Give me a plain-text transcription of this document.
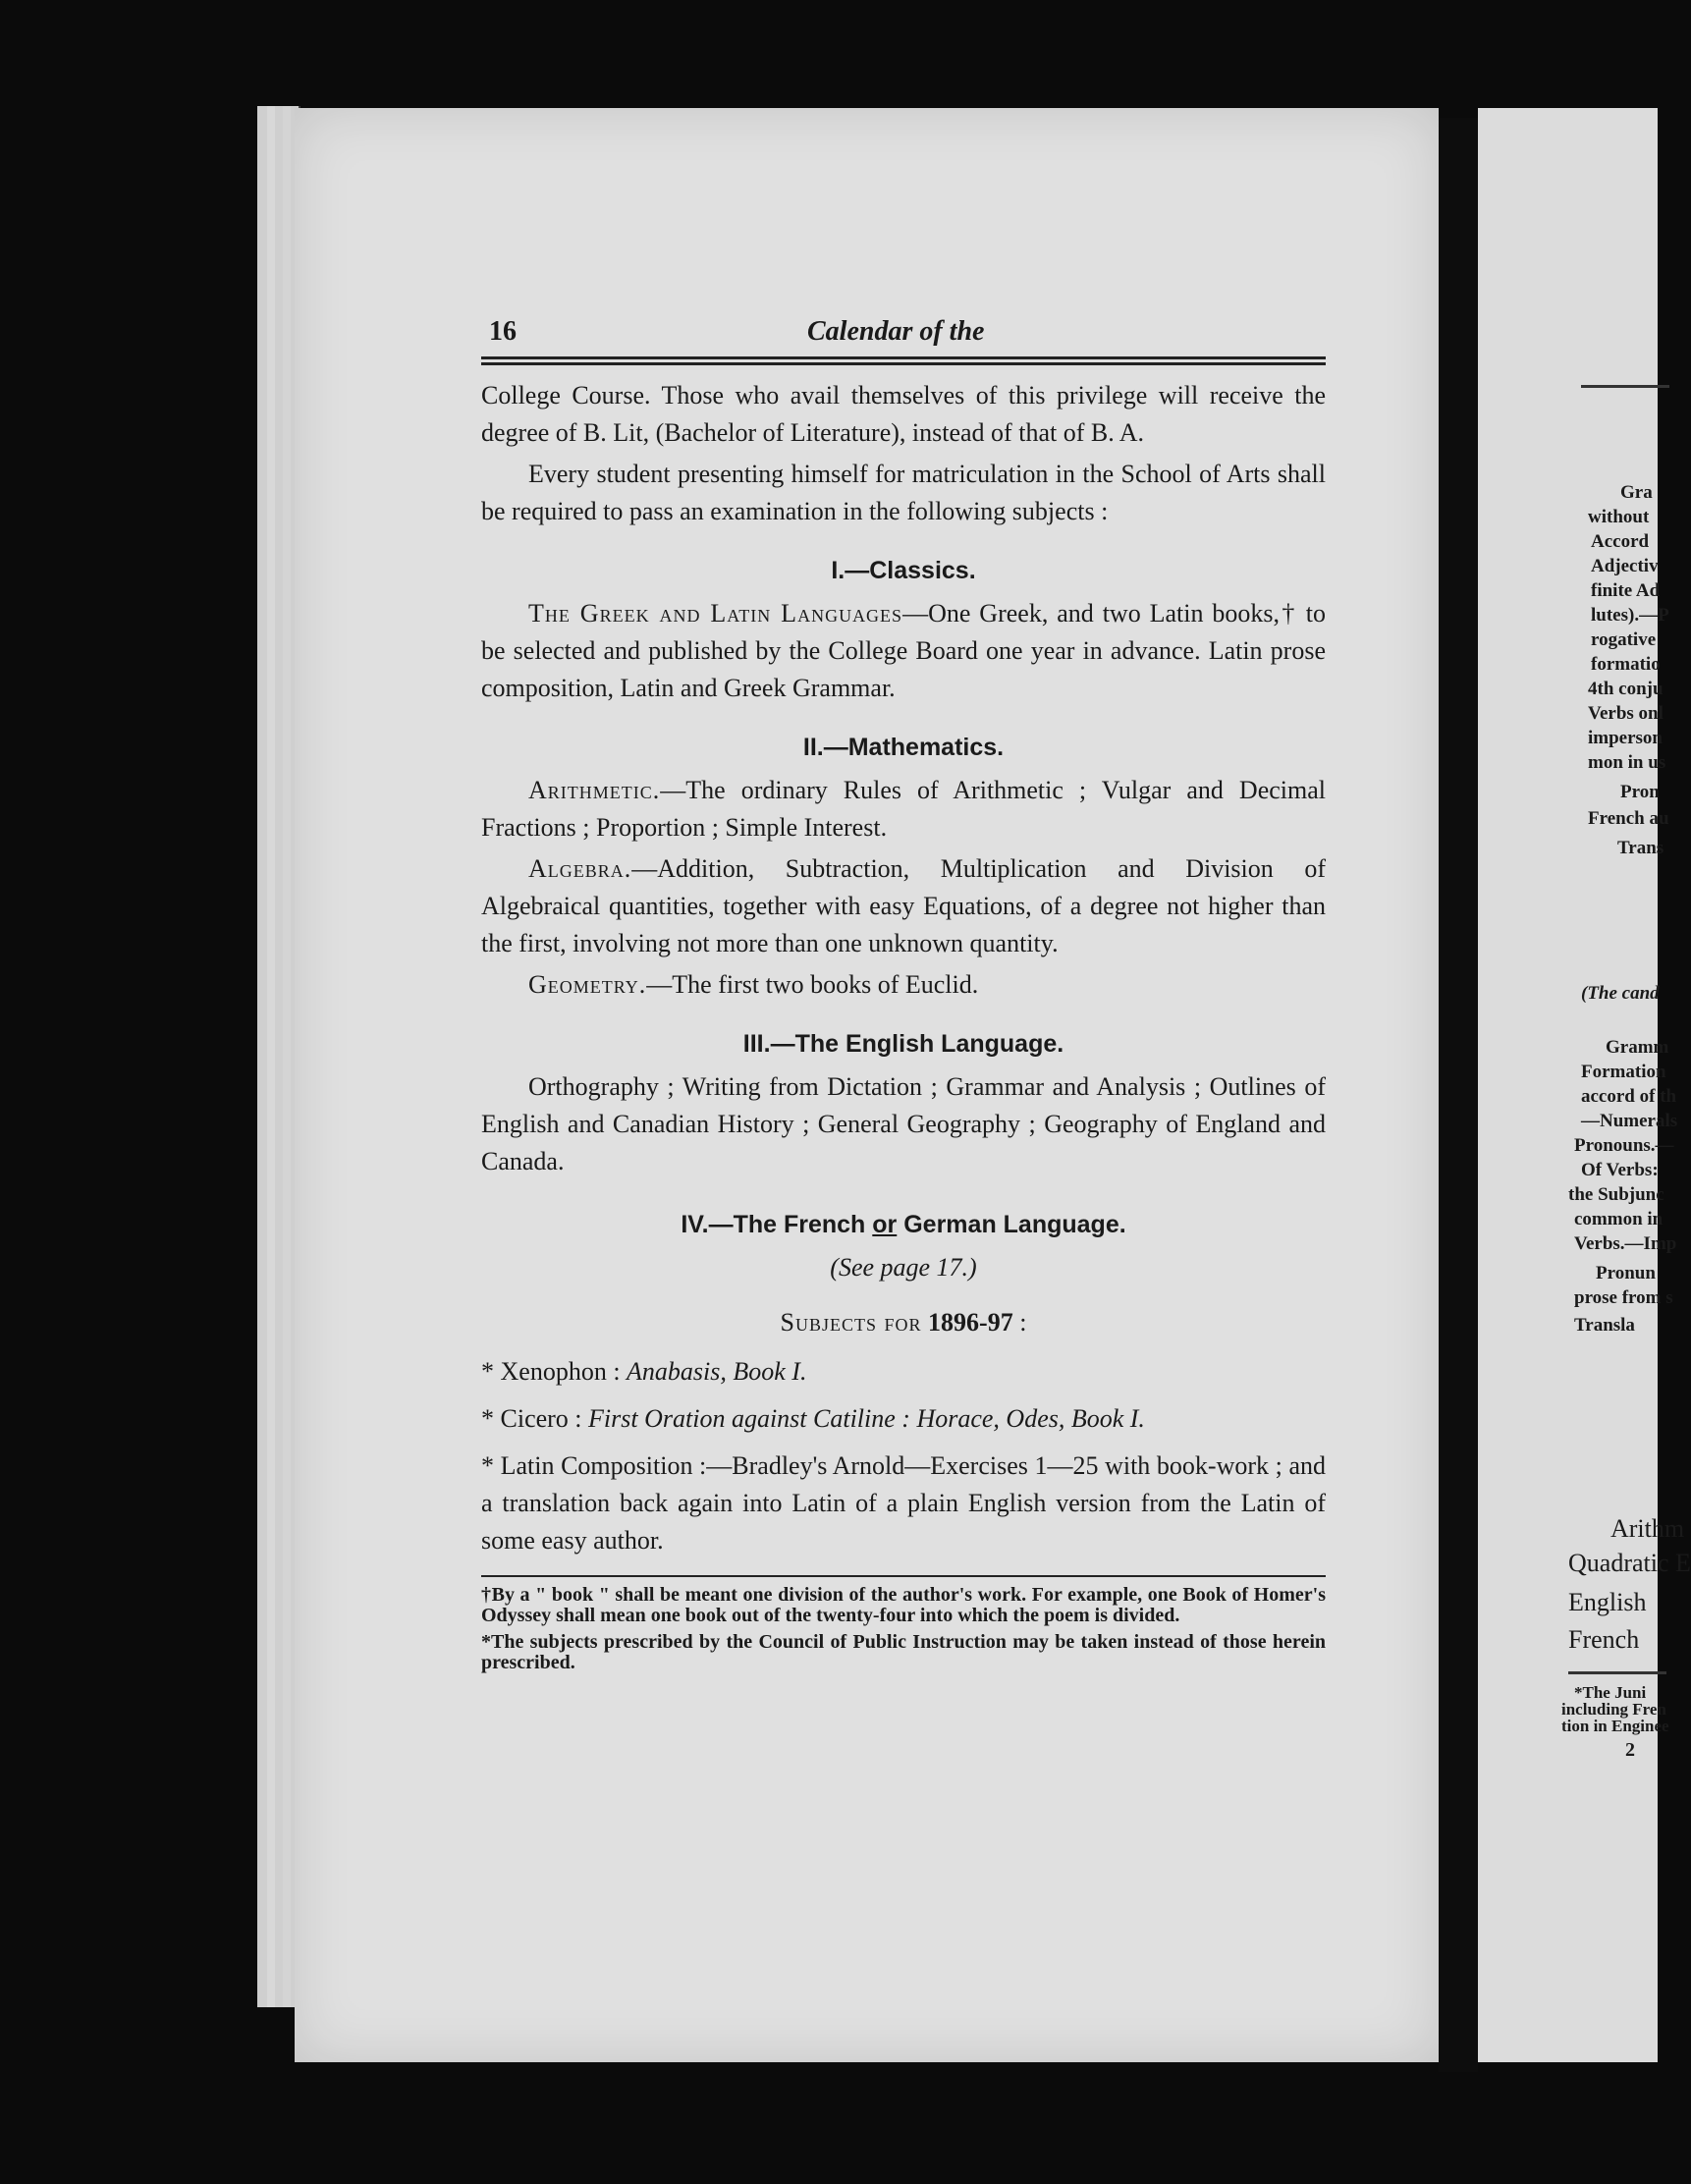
Gra
without
Accord
Adjectiv
finite Ad
lutes).—P
rogative
formatio
4th conju
Verbs onl
imperson
mon in us
Pron
French au
Trans
(The cand
Gramm
Formation
accord of th
—Numerals
Pronouns.—
Of Verbs:
the Subjunc
common in
Verbs.—Imp
Pronun
prose from s
Transla
Arithm
Quadratic E
English
French
*The Juni
including Fren
tion in Enginee
2
16	Calendar of the

College Course. Those who avail themselves of this privilege will receive the degree of B. Lit, (Bachelor of Literature), instead of that of B. A.

Every student presenting himself for matriculation in the School of Arts shall be required to pass an examination in the following subjects :

I.—Classics.

The Greek and Latin Languages—One Greek, and two Latin books,† to be selected and published by the College Board one year in advance. Latin prose composition, Latin and Greek Grammar.

II.—Mathematics.

Arithmetic.—The ordinary Rules of Arithmetic ; Vulgar and Decimal Fractions ; Proportion ; Simple Interest.

Algebra.—Addition, Subtraction, Multiplication and Division of Algebraical quantities, together with easy Equations, of a degree not higher than the first, involving not more than one unknown quantity.

Geometry.—The first two books of Euclid.

III.—The English Language.

Orthography ; Writing from Dictation ; Grammar and Analysis ; Outlines of English and Canadian History ; General Geography ; Geography of England and Canada.

IV.—The French or German Language.
(See page 17.)
Subjects for 1896-97 :

* Xenophon : Anabasis, Book I.

* Cicero : First Oration against Catiline : Horace, Odes, Book I.

* Latin Composition :—Bradley's Arnold—Exercises 1—25 with book-work ; and a translation back again into Latin of a plain English version from the Latin of some easy author.

†By a " book " shall be meant one division of the author's work. For example, one Book of Homer's Odyssey shall mean one book out of the twenty-four into which the poem is divided.

*The subjects prescribed by the Council of Public Instruction may be taken instead of those herein prescribed.
